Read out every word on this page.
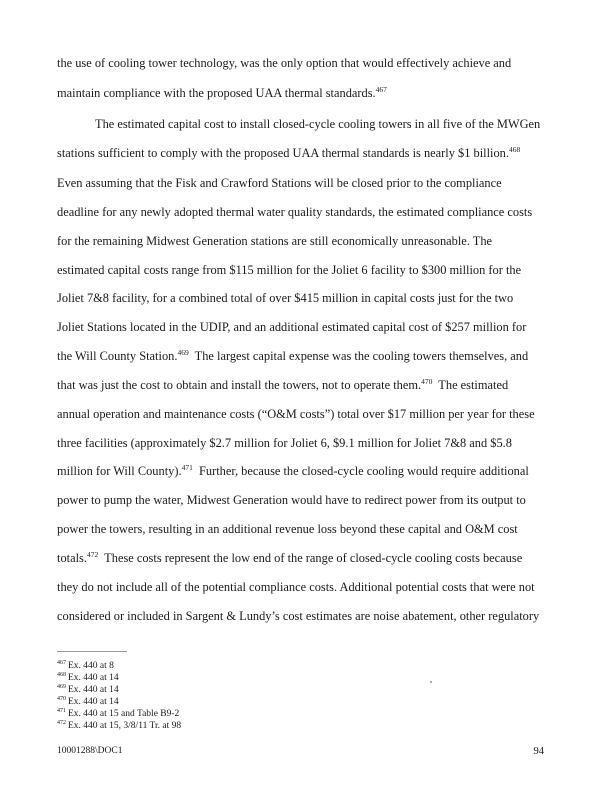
the use of cooling tower technology, was the only option that would effectively achieve and
maintain compliance with the proposed UAA thermal standards.$^{467}$
The estimated capital cost to install closed-cycle cooling towers in all five of the MWGen
stations sufficient to comply with the proposed UAA thermal standards is nearly $1 billion.$^{468}$
Even assuming that the Fisk and Crawford Stations will be closed prior to the compliance
deadline for any newly adopted thermal water quality standards, the estimated compliance costs
for the remaining Midwest Generation stations are still economically unreasonable. The
estimated capital costs range from $115 million for the Joliet 6 facility to $300 million for the
Joliet 7&8 facility, for a combined total of over $415 million in capital costs just for the two
Joliet Stations located in the UDIP, and an additional estimated capital cost of $257 million for
the Will County Station.$^{469}$  The largest capital expense was the cooling towers themselves, and
that was just the cost to obtain and install the towers, not to operate them.$^{470}$  The estimated
annual operation and maintenance costs (“O&M costs”) total over $17 million per year for these
three facilities (approximately $2.7 million for Joliet 6, $9.1 million for Joliet 7&8 and $5.8
million for Will County).$^{471}$  Further, because the closed-cycle cooling would require additional
power to pump the water, Midwest Generation would have to redirect power from its output to
power the towers, resulting in an additional revenue loss beyond these capital and O&M cost
totals.$^{472}$  These costs represent the low end of the range of closed-cycle cooling costs because
they do not include all of the potential compliance costs. Additional potential costs that were not
considered or included in Sargent & Lundy’s cost estimates are noise abatement, other regulatory
$^{467}$ Ex. 440 at 8
$^{468}$ Ex. 440 at 14
$^{469}$ Ex. 440 at 14
$^{470}$ Ex. 440 at 14
$^{471}$ Ex. 440 at 15 and Table B9-2
$^{472}$ Ex. 440 at 15, 3/8/11 Tr. at 98
10001288\DOC1	94
